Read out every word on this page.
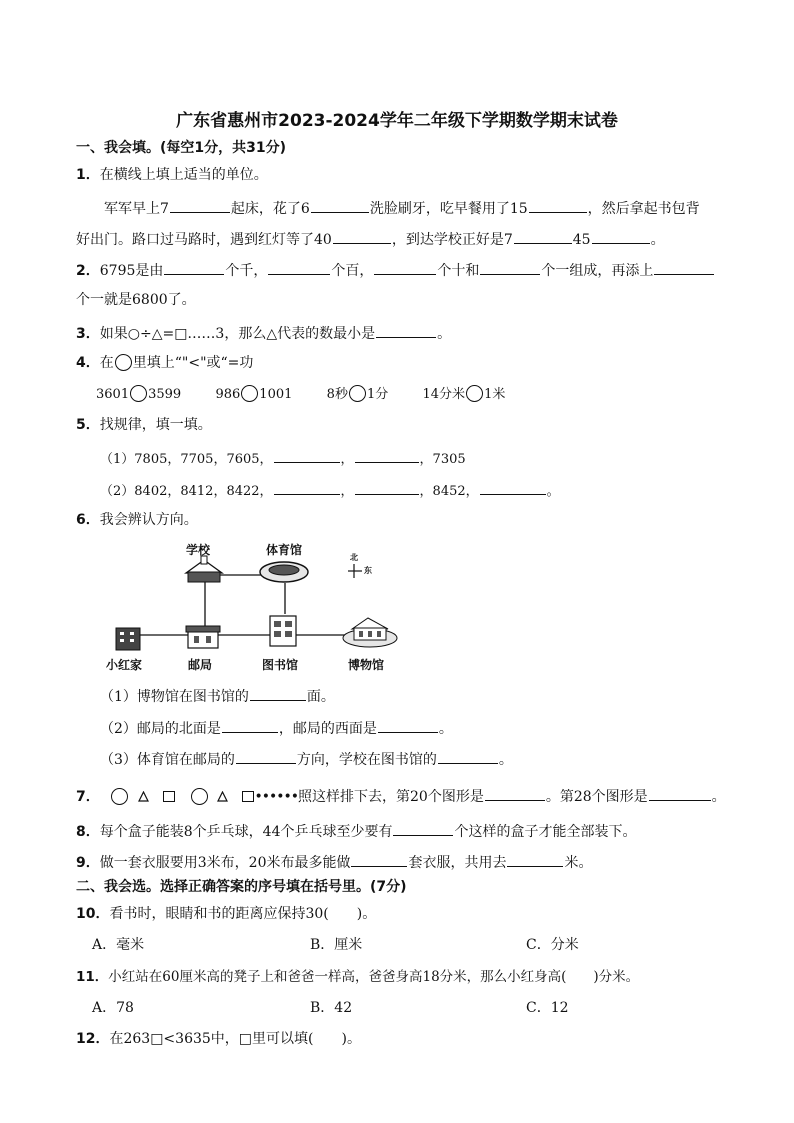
广东省惠州市2023-2024学年二年级下学期数学期末试卷
一、我会填。(每空1分，共31分)
1．在横线上填上适当的单位。
军军早上7	起床，花了6	洗脸刷牙，吃早餐用了15	，然后拿起书包背
好出门。路口过马路时，遇到红灯等了40	，到达学校正好是7	45	。
2．6795是由	个千，	个百，	个十和	个一组成，再添上
个一就是6800了。
3．如果○÷△=□……3，那么△代表的数最小是	。
4．在 里填上“"<"或“=功
3601 3599	986 1001	8秒 1分	14分米 1米
5．找规律，填一填。
（1）7805，7705，7605，	，	，7305
（2）8402，8412，8422，	，	，8452，	。
6．我会辨认方向。
学校	体育馆
北
东
小红家	邮局	图书馆	博物馆
（1）博物馆在图书馆的	面。
（2）邮局的北面是	，邮局的西面是	。
（3）体育馆在邮局的	方向，学校在图书馆的	。
7．	••••••照这样排下去，第20个图形是	。第28个图形是	。
8．每个盒子能装8个乒乓球，44个乒乓球至少要有	个这样的盒子才能全部装下。
9．做一套衣服要用3米布，20米布最多能做	套衣服，共用去	米。
二、我会选。选择正确答案的序号填在括号里。(7分)
10．看书时，眼睛和书的距离应保持30(　　)。
A．毫米	B．厘米	C．分米
11．小红站在60厘米高的凳子上和爸爸一样高，爸爸身高18分米，那么小红身高(　　)分米。
A．78	B．42	C．12
12．在263□<3635中，□里可以填(　　)。
